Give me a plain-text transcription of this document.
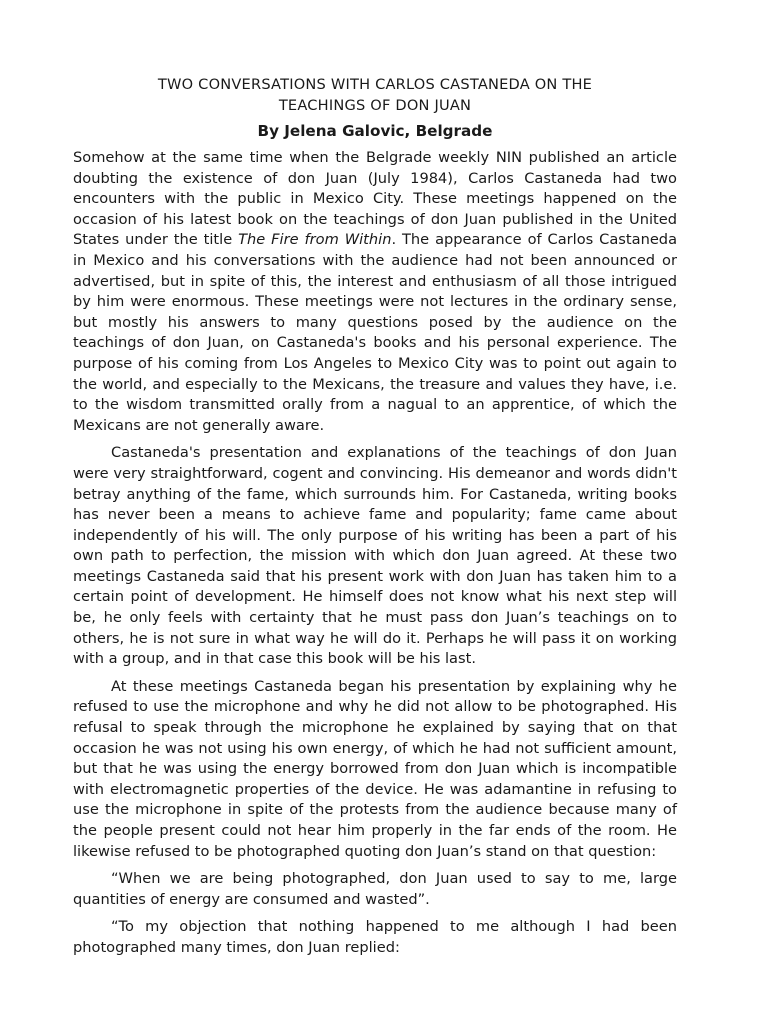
TWO CONVERSATIONS WITH CARLOS CASTANEDA ON THE
TEACHINGS OF DON JUAN

By Jelena Galovic, Belgrade

Somehow at the same time when the Belgrade weekly NIN published an article doubting the existence of don Juan (July 1984), Carlos Castaneda had two encounters with the public in Mexico City. These meetings happened on the occasion of his latest book on the teachings of don Juan published in the United States under the title The Fire from Within. The appearance of Carlos Castaneda in Mexico and his conversations with the audience had not been announced or advertised, but in spite of this, the interest and enthusiasm of all those intrigued by him were enormous. These meetings were not lectures in the ordinary sense, but mostly his answers to many questions posed by the audience on the teachings of don Juan, on Castaneda's books and his personal experience. The purpose of his coming from Los Angeles to Mexico City was to point out again to the world, and especially to the Mexicans, the treasure and values they have, i.e. to the wisdom transmitted orally from a nagual to an apprentice, of which the Mexicans are not generally aware.

Castaneda's presentation and explanations of the teachings of don Juan were very straightforward, cogent and convincing. His demeanor and words didn't betray anything of the fame, which surrounds him. For Castaneda, writing books has never been a means to achieve fame and popularity; fame came about independently of his will. The only purpose of his writing has been a part of his own path to perfection, the mission with which don Juan agreed. At these two meetings Castaneda said that his present work with don Juan has taken him to a certain point of development. He himself does not know what his next step will be, he only feels with certainty that he must pass don Juan’s teachings on to others, he is not sure in what way he will do it. Perhaps he will pass it on working with a group, and in that case this book will be his last.

At these meetings Castaneda began his presentation by explaining why he refused to use the microphone and why he did not allow to be photographed. His refusal to speak through the microphone he explained by saying that on that occasion he was not using his own energy, of which he had not sufficient amount, but that he was using the energy borrowed from don Juan which is incompatible with electromagnetic properties of the device. He was adamantine in refusing to use the microphone in spite of the protests from the audience because many of the people present could not hear him properly in the far ends of the room. He likewise refused to be photographed quoting don Juan’s stand on that question:

“When we are being photographed, don Juan used to say to me, large quantities of energy are consumed and wasted”.

“To my objection that nothing happened to me although I had been photographed many times, don Juan replied:
